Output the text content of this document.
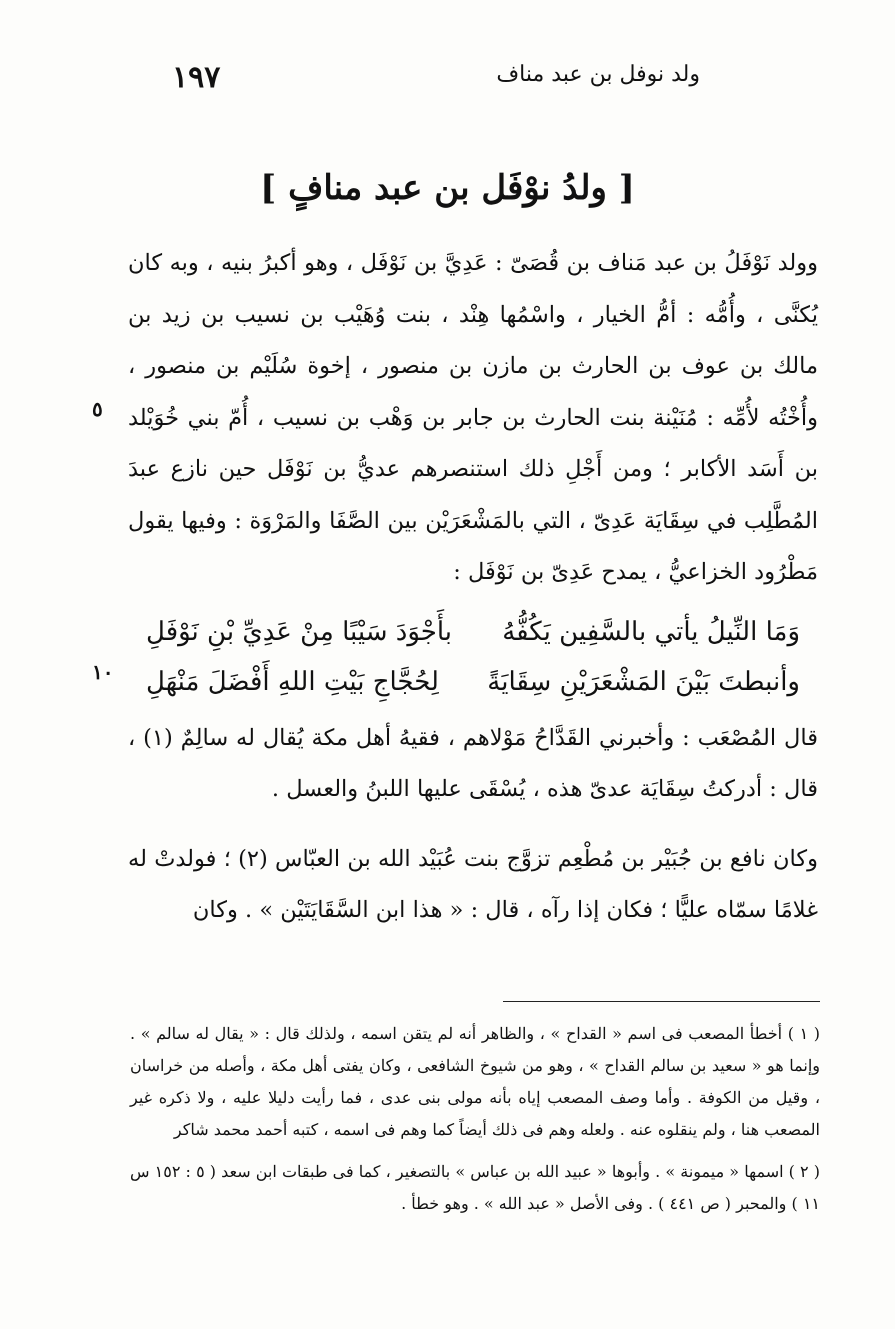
١٩٧	ولد نوفل بن عبد مناف
[ ولدُ نوْفَل بن عبد منافٍ ]

وولد نَوْفَلُ بن عبد مَناف بن قُصَىّ : عَدِيَّ بن نَوْفَل ، وهو أكبرُ بنيه ، وبه كان يُكنَّى ، وأُمُّه : أمُّ الخيار ، واسْمُها هِنْد ، بنت وُهَيْب بن نسيب بن زيد بن مالك بن عوف بن الحارث بن مازن بن منصور ، إخوة سُلَيْم بن منصور ، وأُخْتُه لأُمِّه : مُنَيْنة بنت الحارث بن جابر بن وَهْب بن نسيب ، أُمّ بني خُوَيْلد بن أَسَد الأكابر ؛ ومن أَجْلِ ذلك استنصرهم عديُّ بن نَوْفَل حين نازع عبدَ المُطَّلِب في سِقَايَة عَدِىّ ، التي بالمَشْعَرَيْن بين الصَّفَا والمَرْوَة : وفيها يقول مَطْرُود الخزاعيُّ ، يمدح عَدِىّ بن نَوْفَل :

وَمَا النِّيلُ يأتي بالسَّفِين يَكُفُّهُ
بأَجْوَدَ سَيْبًا مِنْ عَدِيِّ بْنِ نَوْفَلِ
وأنبطتَ بَيْنَ المَشْعَرَيْنِ سِقَايَةً
لِحُجَّاجِ بَيْتِ اللهِ أَفْضَلَ مَنْهَلِ

قال المُصْعَب : وأخبرني القَدَّاحُ مَوْلاهم ، فقيهُ أهل مكة يُقال له سالِمٌ (١) ، قال : أدركتُ سِقَايَة عدىّ هذه ، يُسْقَى عليها اللبنُ والعسل .

وكان نافع بن جُبَيْر بن مُطْعِم تزوَّج بنت عُبَيْد الله بن العبّاس (٢) ؛ فولدتْ له غلامًا سمّاه عليًّا ؛ فكان إذا رآه ، قال : « هذا ابن السَّقَايَتَيْن » . وكان

٥
١٠

( ١ ) أخطأ المصعب فى اسم « القداح » ، والظاهر أنه لم يتقن اسمه ، ولذلك قال : « يقال له سالم » . وإنما هو « سعيد بن سالم القداح » ، وهو من شيوخ الشافعى ، وكان يفتى أهل مكة ، وأصله من خراسان ، وقيل من الكوفة . وأما وصف المصعب إياه بأنه مولى بنى عدى ، فما رأيت دليلا عليه ، ولا ذكره غير المصعب هنا ، ولم ينقلوه عنه . ولعله وهم فى ذلك أيضاً كما وهم فى اسمه ، كتبه أحمد محمد شاكر

( ٢ ) اسمها « ميمونة » . وأبوها « عبيد الله بن عباس » بالتصغير ، كما فى طبقات ابن سعد ( ٥ : ١٥٢ س ١١ ) والمحبر ( ص ٤٤١ ) . وفى الأصل « عبد الله » . وهو خطأ .
